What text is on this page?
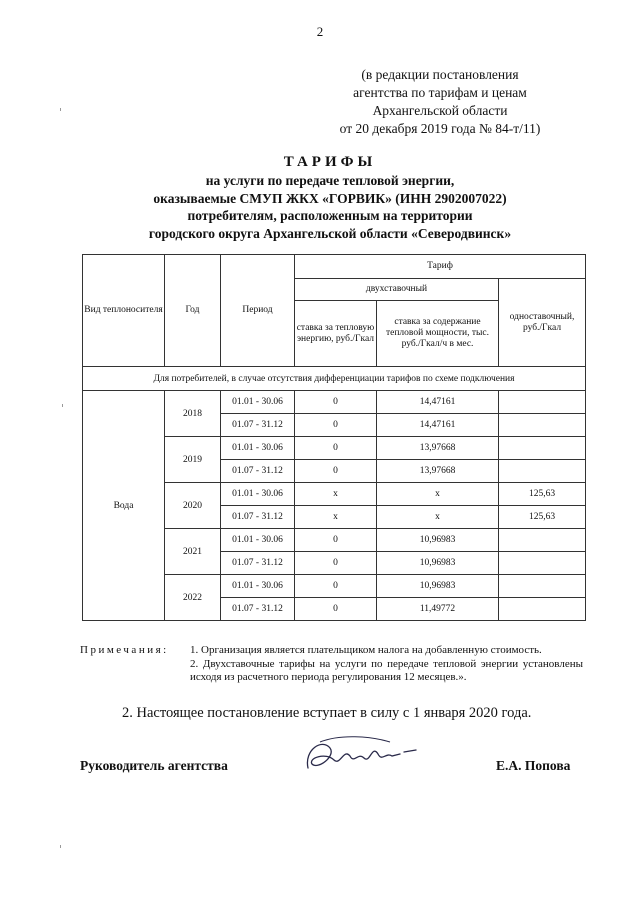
2
(в редакции постановления
агентства по тарифам и ценам
Архангельской области
от 20 декабря 2019 года № 84-т/11)
ТАРИФЫ
на услуги по передаче тепловой энергии,
оказываемые СМУП ЖКХ «ГОРВИК» (ИНН 2902007022)
потребителям, расположенным на территории
городского округа Архангельской области «Северодвинск»
Вид теплоносителя	Год	Период	Тариф		
			двухставочный		одноставочный, руб./Гкал
			ставка за тепловую энергию, руб./Гкал	ставка за содержание тепловой мощности, тыс. руб./Гкал/ч в мес.	
Для потребителей, в случае отсутствия дифференциации тарифов по схеме подключения					
Вода	2018	01.01 - 30.06	0	14,47161	
		01.07 - 31.12	0	14,47161	
	2019	01.01 - 30.06	0	13,97668	
		01.07 - 31.12	0	13,97668	
	2020	01.01 - 30.06	x	x	125,63
		01.07 - 31.12	x	x	125,63
	2021	01.01 - 30.06	0	10,96983	
		01.07 - 31.12	0	10,96983	
	2022	01.01 - 30.06	0	10,96983	
		01.07 - 31.12	0	11,49772	
Примечания: 1. Организация является плательщиком налога на добавленную стоимость.
2. Двухставочные тарифы на услуги по передаче тепловой энергии установлены исходя из расчетного периода регулирования 12 месяцев.».
2. Настоящее постановление вступает в силу с 1 января 2020 года.
Руководитель агентства	Е.А. Попова
